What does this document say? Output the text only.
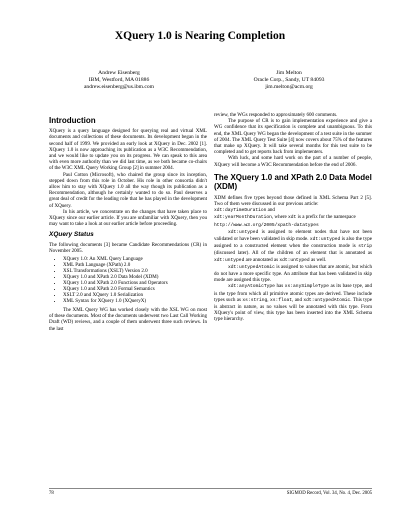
XQuery 1.0 is Nearing Completion
Andrew Eisenberg
IBM, Westford, MA 01886
andrew.eisenberg@us.ibm.com
Jim Melton
Oracle Corp., Sandy, UT 84093
jim.melton@acm.org
Introduction

XQuery is a query language designed for querying real and virtual XML documents and collections of these documents. Its development began in the second half of 1999. We provided an early look at XQuery in Dec. 2002 [1]. XQuery 1.0 is now approaching its publication as a W3C Recommendation, and we would like to update you on its progress. We can speak to this area with even more authority than we did last time, as we both became co-chairs of the W3C XML Query Working Group [2] in summer 2004.

Paul Cotton (Microsoft), who chaired the group since its inception, stepped down from this role in October. His role in other consortia didn't allow him to stay with XQuery 1.0 all the way though its publication as a Recommendation, although he certainly wanted to do so. Paul deserves a great deal of credit for the leading role that he has played in the development of XQuery.

In his article, we concentrate on the changes that have taken place to XQuery since our earlier article. If you are unfamiliar with XQuery, then you may want to take a look at our earlier article before proceeding.

XQuery Status

The following documents [3] became Candidate Recommendations (CR) in November 2005.

• XQuery 1.0: An XML Query Language
• XML Path Language (XPath) 2.0
• XSL Transformations (XSLT) Version 2.0
• XQuery 1.0 and XPath 2.0 Data Model (XDM)
• XQuery 1.0 and XPath 2.0 Functions and Operators
• XQuery 1.0 and XPath 2.0 Formal Semantics
• XSLT 2.0 and XQuery 1.0 Serialization
• XML Syntax for XQuery 1.0 (XQueryX)

The XML Query WG has worked closely with the XSL WG on most of these documents. Most of the documents underwent two Last Call Working Draft (WD) reviews, and a couple of them underwent three such reviews. In the last

review, the WGs responded to approximately 600 comments.

The purpose of CR is to gain implementation experience and give a WG confidence that its specification is complete and unambiguous. To this end, the XML Query WG began the development of a test suite in the summer of 2004. The XML Query Test Suite [4] now covers about 75% of the features that make up XQuery. It will take several months for this test suite to be completed and to get reports back from implementers.

With luck, and some hard work on the part of a number of people, XQuery will become a W3C Recommendation before the end of 2006.

The XQuery 1.0 and XPath 2.0 Data Model (XDM)

XDM defines five types beyond those defined in XML Schema Part 2 [5]. Two of them were discussed in our previous article:
xdt:dayTimeDuration and
xdt:yearMonthDuration, where xdt is a prefix for the namespace
http://www.w3.org/2005/xpath-datatypes

xdt:untyped is assigned to element nodes that have not been validated or have been validated in skip mode. xdt:untyped is also the type assigned to a constructed element when the construction mode is strip (discussed later). All of the children of an element that is annotated as xdt:untyped are annotated as xdt:untyped as well.

xdt:untypedAtomic is assigned to values that are atomic, but which do not have a more specific type. An attribute that has been validated in skip mode are assigned this type.

xdt:anyAtomicType has xs:anySimpleType as its base type, and is the type from which all primitive atomic types are derived. These include types such as xs:string, xs:float, and xdt:untypedAtomic. This type is abstract in nature, as no values will be annotated with this type. From XQuery's point of view, this type has been inserted into the XML Schema type hierarchy.

78	SIGMOD Record, Vol. 34, No. 4, Dec. 2005
